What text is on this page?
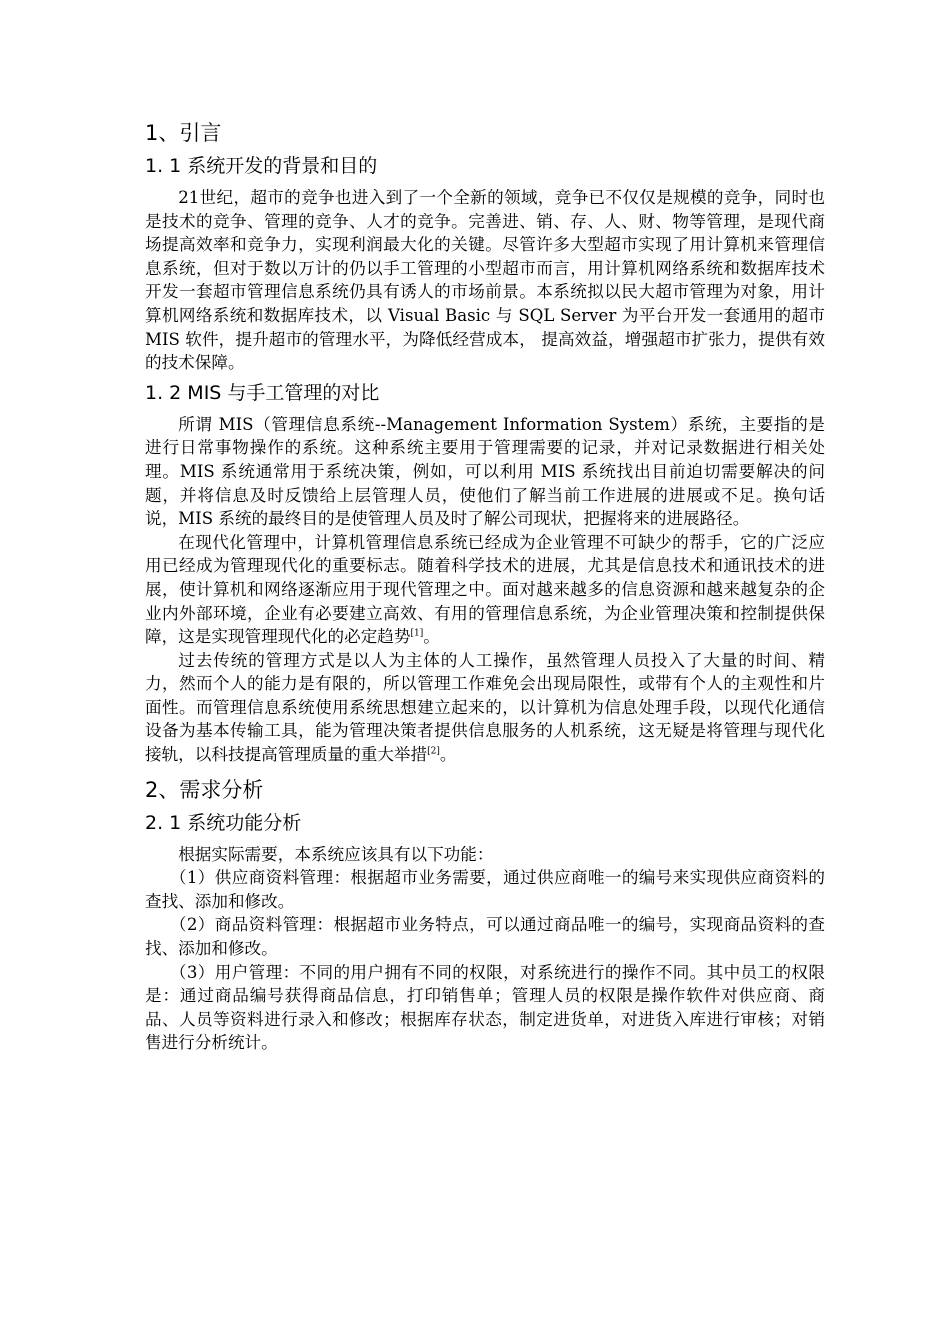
1、引言
1. 1 系统开发的背景和目的

21世纪，超市的竞争也进入到了一个全新的领域，竞争已不仅仅是规模的竞争，同时也是技术的竞争、管理的竞争、人才的竞争。完善进、销、存、人、财、物等管理，是现代商场提高效率和竞争力，实现利润最大化的关键。尽管许多大型超市实现了用计算机来管理信息系统，但对于数以万计的仍以手工管理的小型超市而言，用计算机网络系统和数据库技术开发一套超市管理信息系统仍具有诱人的市场前景。本系统拟以民大超市管理为对象，用计算机网络系统和数据库技术，以 Visual Basic 与 SQL Server 为平台开发一套通用的超市 MIS 软件，提升超市的管理水平，为降低经营成本， 提高效益，增强超市扩张力，提供有效的技术保障。

1. 2 MIS 与手工管理的对比

所谓 MIS（管理信息系统--Management Information System）系统，主要指的是进行日常事物操作的系统。这种系统主要用于管理需要的记录，并对记录数据进行相关处理。MIS 系统通常用于系统决策，例如，可以利用 MIS 系统找出目前迫切需要解决的问题，并将信息及时反馈给上层管理人员，使他们了解当前工作进展的进展或不足。换句话说，MIS 系统的最终目的是使管理人员及时了解公司现状，把握将来的进展路径。

在现代化管理中，计算机管理信息系统已经成为企业管理不可缺少的帮手，它的广泛应用已经成为管理现代化的重要标志。随着科学技术的进展，尤其是信息技术和通讯技术的进展，使计算机和网络逐渐应用于现代管理之中。面对越来越多的信息资源和越来越复杂的企业内外部环境，企业有必要建立高效、有用的管理信息系统，为企业管理决策和控制提供保障，这是实现管理现代化的必定趋势[1]。

过去传统的管理方式是以人为主体的人工操作，虽然管理人员投入了大量的时间、精力，然而个人的能力是有限的，所以管理工作难免会出现局限性，或带有个人的主观性和片面性。而管理信息系统使用系统思想建立起来的，以计算机为信息处理手段，以现代化通信设备为基本传输工具，能为管理决策者提供信息服务的人机系统，这无疑是将管理与现代化接轨，以科技提高管理质量的重大举措[2]。

2、需求分析
2. 1 系统功能分析

根据实际需要，本系统应该具有以下功能：

（1）供应商资料管理：根据超市业务需要，通过供应商唯一的编号来实现供应商资料的查找、添加和修改。

（2）商品资料管理：根据超市业务特点，可以通过商品唯一的编号，实现商品资料的查找、添加和修改。

（3）用户管理：不同的用户拥有不同的权限，对系统进行的操作不同。其中员工的权限是：通过商品编号获得商品信息，打印销售单；管理人员的权限是操作软件对供应商、商品、人员等资料进行录入和修改；根据库存状态，制定进货单，对进货入库进行审核；对销售进行分析统计。
